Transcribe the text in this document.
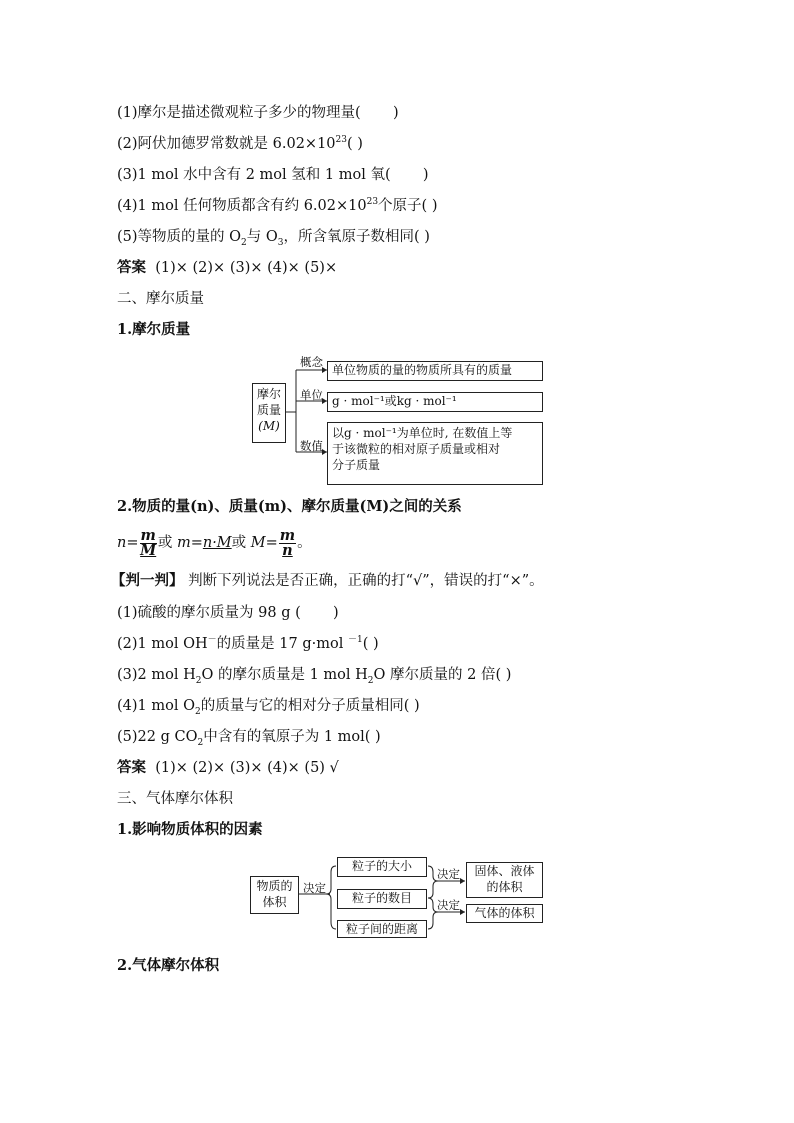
(1)摩尔是描述微观粒子多少的物理量( )
(2)阿伏加德罗常数就是 $6.02\times 10^{23}$( )
(3)1 mol 水中含有 2 mol 氢和 1 mol 氧( )
(4)1 mol 任何物质都含有约 $6.02\times 10^{23}$个原子( )
(5)等物质的量的 $O_2$与 $O_3$，所含氧原子数相同( )
答案 (1)× (2)× (3)× (4)× (5)×
二、摩尔质量
1.摩尔质量
摩尔
质量
(M)
概念
单位
数值
单位物质的量的物质所具有的质量
g · mol⁻¹或kg · mol⁻¹
以g · mol⁻¹为单位时, 在数值上等
于该微粒的相对原子质量或相对
分子质量
2.物质的量(n)、质量(m)、摩尔质量(M)之间的关系
$n= \frac{m}{M}$ 或 m=n·M或 $M= \frac{m}{n}$ 。
【判一判】 判断下列说法是否正确，正确的打“√”，错误的打“×”。
(1)硫酸的摩尔质量为 98 g ( )
(2)1 mol OH－的质量是 17 g·mol $^{-1}$( )
(3)2 mol $H_2O$ 的摩尔质量是 1 mol $H_2O$ 摩尔质量的 2 倍( )
(4)1 mol $O_2$的质量与它的相对分子质量相同( )
(5)22 g $CO_2$中含有的氧原子为 1 mol( )
答案 (1)× (2)× (3)× (4)× (5) √
三、气体摩尔体积
1.影响物质体积的因素
物质的
体积
决定
粒子的大小
粒子的数目
粒子间的距离
决定
决定
固体、液体
的体积
气体的体积
2.气体摩尔体积
